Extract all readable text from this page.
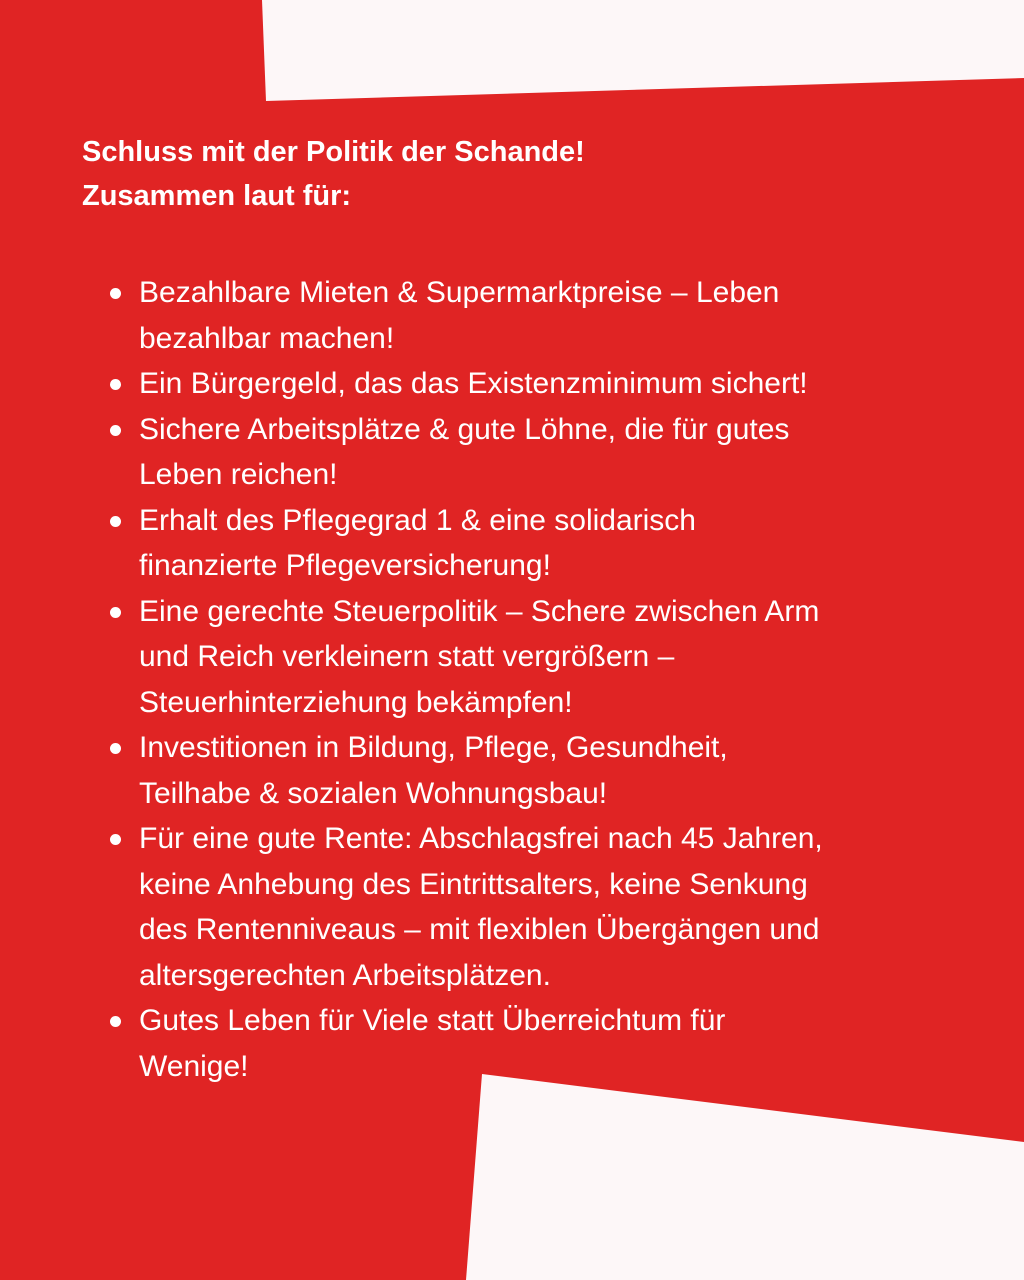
Schluss mit der Politik der Schande!
Zusammen laut für:
Bezahlbare Mieten & Supermarktpreise – Leben
bezahlbar machen!
Ein Bürgergeld, das das Existenzminimum sichert!
Sichere Arbeitsplätze & gute Löhne, die für gutes
Leben reichen!
Erhalt des Pflegegrad 1 & eine solidarisch
finanzierte Pflegeversicherung!
Eine gerechte Steuerpolitik – Schere zwischen Arm
und Reich verkleinern statt vergrößern –
Steuerhinterziehung bekämpfen!
Investitionen in Bildung, Pflege, Gesundheit,
Teilhabe & sozialen Wohnungsbau!
Für eine gute Rente: Abschlagsfrei nach 45 Jahren,
keine Anhebung des Eintrittsalters, keine Senkung
des Rentenniveaus – mit flexiblen Übergängen und
altersgerechten Arbeitsplätzen.
Gutes Leben für Viele statt Überreichtum für
Wenige!
